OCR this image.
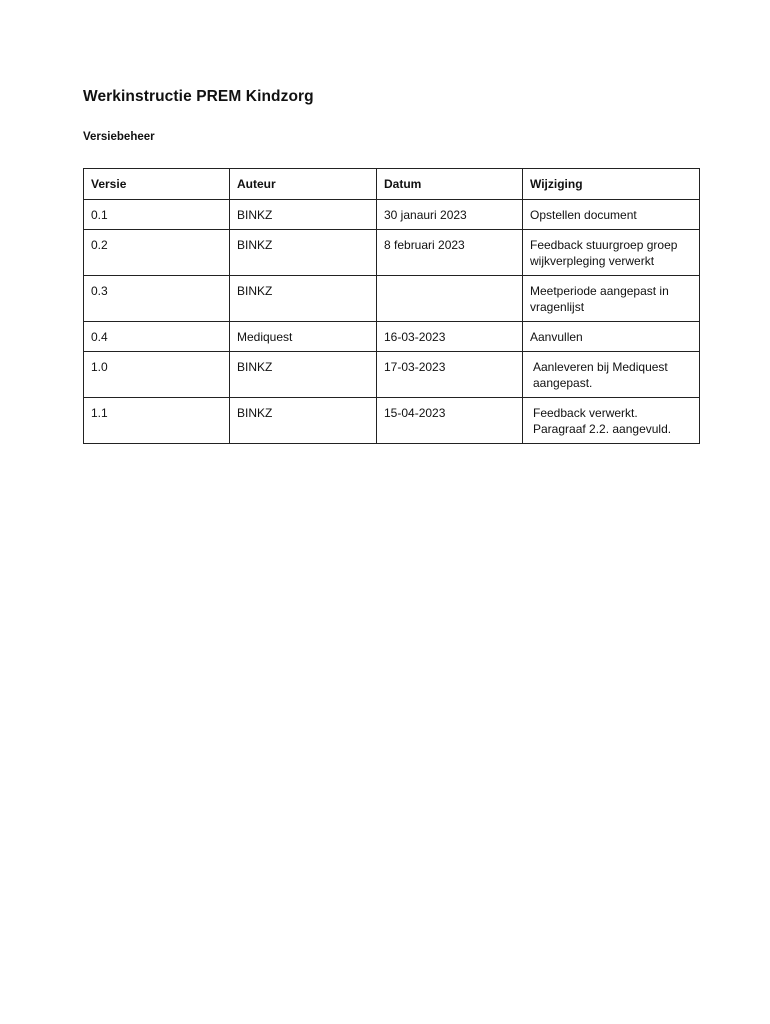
Werkinstructie PREM Kindzorg
Versiebeheer
Versie	Auteur	Datum	Wijziging
0.1	BINKZ	30 janauri 2023	Opstellen document
0.2	BINKZ	8 februari 2023	Feedback stuurgroep groep wijkverpleging verwerkt
0.3	BINKZ		Meetperiode aangepast in vragenlijst
0.4	Mediquest	16-03-2023	Aanvullen
1.0	BINKZ	17-03-2023	Aanleveren bij Mediquest aangepast.
1.1	BINKZ	15-04-2023	Feedback verwerkt. Paragraaf 2.2. aangevuld.
